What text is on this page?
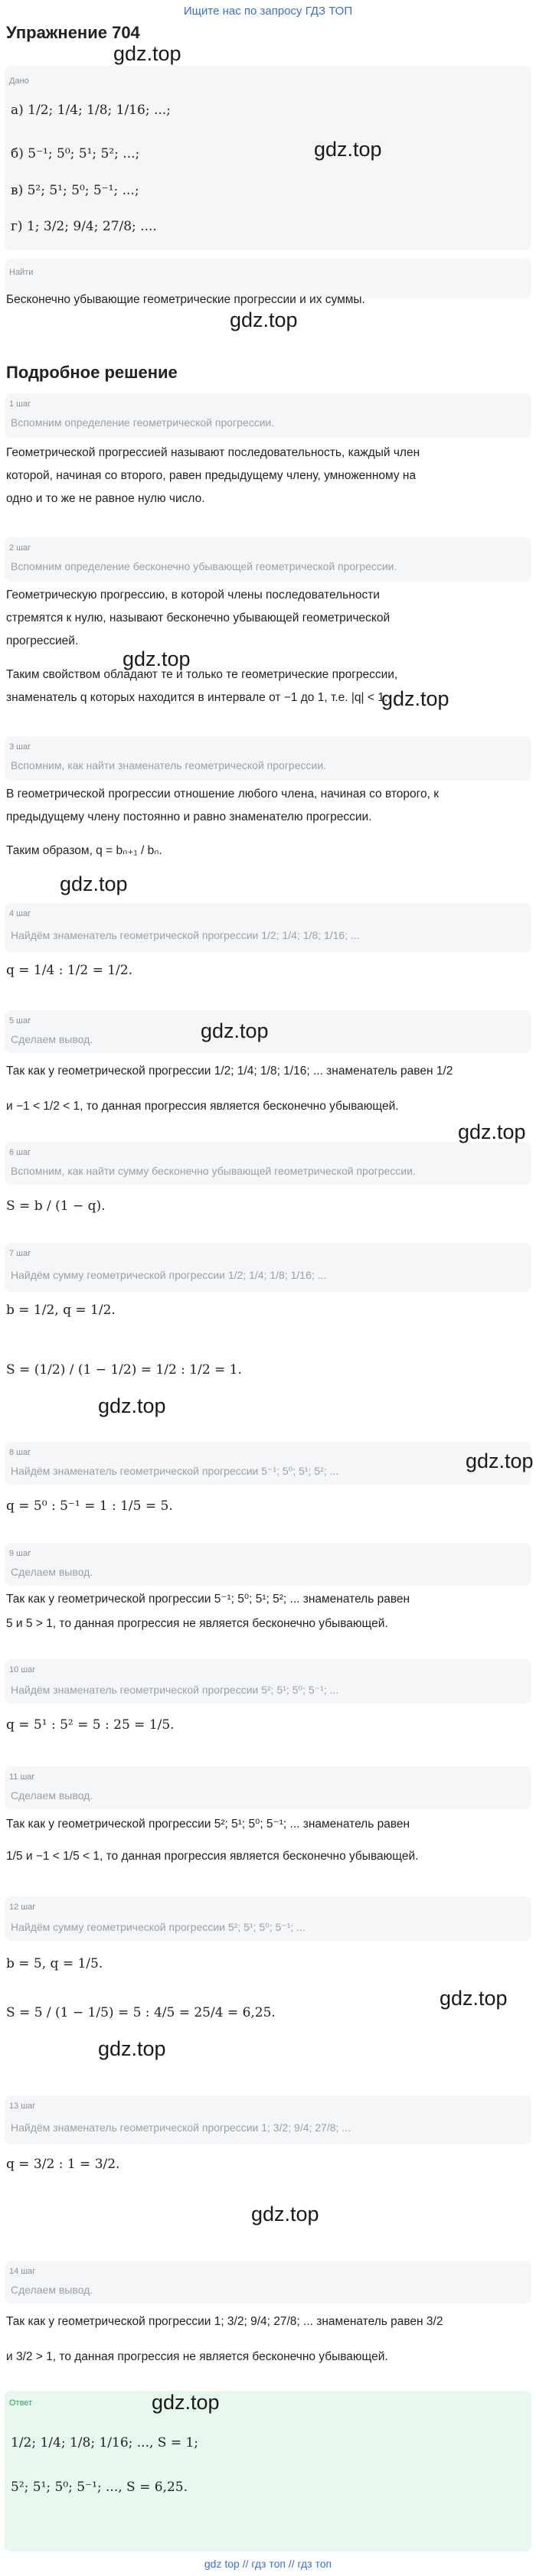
Ищите нас по запросу ГДЗ ТОП
Упражнение 704
Дано
а) 1/2; 1/4; 1/8; 1/16; ...;
б) 5⁻¹; 5⁰; 5¹; 5²; ...;
в) 5²; 5¹; 5⁰; 5⁻¹; ...;
г) 1; 3/2; 9/4; 27/8; ....
Найти
Бесконечно убывающие геометрические прогрессии и их суммы.
Подробное решение
1 шаг
Вспомним определение геометрической прогрессии.
Геометрической прогрессией называют последовательность, каждый член
которой, начиная со второго, равен предыдущему члену, умноженному на
одно и то же не равное нулю число.
2 шаг
Вспомним определение бесконечно убывающей геометрической прогрессии.
Геометрическую прогрессию, в которой члены последовательности
стремятся к нулю, называют бесконечно убывающей геометрической
прогрессией.
Таким свойством обладают те и только те геометрические прогрессии,
знаменатель q которых находится в интервале от −1 до 1, т.е. |q| < 1.
3 шаг
Вспомним, как найти знаменатель геометрической прогрессии.
В геометрической прогрессии отношение любого члена, начиная со второго, к
предыдущему члену постоянно и равно знаменателю прогрессии.
Таким образом, q = bₙ₊₁ / bₙ.
4 шаг
Найдём знаменатель геометрической прогрессии 1/2; 1/4; 1/8; 1/16; ...
q = 1/4 : 1/2 = 1/2.
5 шаг
Сделаем вывод.
Так как у геометрической прогрессии 1/2; 1/4; 1/8; 1/16; ... знаменатель равен 1/2
и −1 < 1/2 < 1, то данная прогрессия является бесконечно убывающей.
6 шаг
Вспомним, как найти сумму бесконечно убывающей геометрической прогрессии.
S = b / (1 − q).
7 шаг
Найдём сумму геометрической прогрессии 1/2; 1/4; 1/8; 1/16; ...
b = 1/2, q = 1/2.
S = (1/2) / (1 − 1/2) = 1/2 : 1/2 = 1.
8 шаг
Найдём знаменатель геометрической прогрессии 5⁻¹; 5⁰; 5¹; 5²; ...
q = 5⁰ : 5⁻¹ = 1 : 1/5 = 5.
9 шаг
Сделаем вывод.
Так как у геометрической прогрессии 5⁻¹; 5⁰; 5¹; 5²; ... знаменатель равен
5 и 5 > 1, то данная прогрессия не является бесконечно убывающей.
10 шаг
Найдём знаменатель геометрической прогрессии 5²; 5¹; 5⁰; 5⁻¹; ...
q = 5¹ : 5² = 5 : 25 = 1/5.
11 шаг
Сделаем вывод.
Так как у геометрической прогрессии 5²; 5¹; 5⁰; 5⁻¹; ... знаменатель равен
1/5 и −1 < 1/5 < 1, то данная прогрессия является бесконечно убывающей.
12 шаг
Найдём сумму геометрической прогрессии 5²; 5¹; 5⁰; 5⁻¹; ...
b = 5, q = 1/5.
S = 5 / (1 − 1/5) = 5 : 4/5 = 25/4 = 6,25.
13 шаг
Найдём знаменатель геометрической прогрессии 1; 3/2; 9/4; 27/8; ...
q = 3/2 : 1 = 3/2.
14 шаг
Сделаем вывод.
Так как у геометрической прогрессии 1; 3/2; 9/4; 27/8; ... знаменатель равен 3/2
и 3/2 > 1, то данная прогрессия не является бесконечно убывающей.
Ответ
1/2; 1/4; 1/8; 1/16; ..., S = 1;
5²; 5¹; 5⁰; 5⁻¹; ..., S = 6,25.
gdz.top
gdz.top
gdz.top
gdz.top
gdz.top
gdz.top
gdz.top
gdz.top
gdz.top
gdz.top
gdz.top
gdz.top
gdz.top
gdz.top
gdz top // гдз топ // гдз топ
